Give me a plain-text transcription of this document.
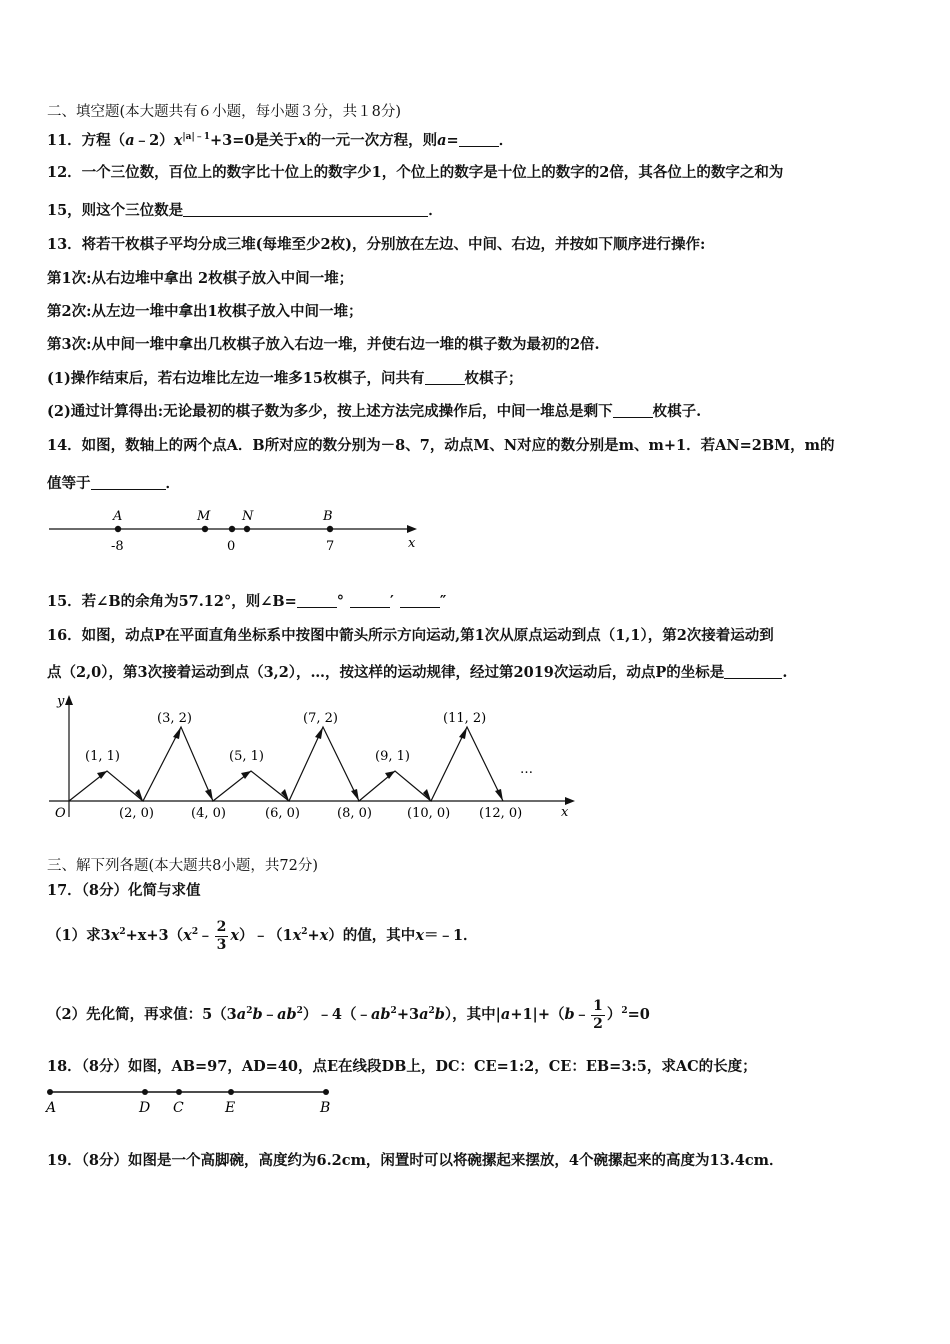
二、填空题(本大题共有６小题，每小题３分，共１8分)
11．方程$(a﹣2)x^{|a|﹣1}+3=0$是关于x的一元一次方程，则a=	．
12．一个三位数，百位上的数字比十位上的数字少1，个位上的数字是十位上的数字的2倍，其各位上的数字之和为
15，则这个三位数是	．
13．将若干枚棋子平均分成三堆(每堆至少2枚)，分别放在左边、中间、右边，并按如下顺序进行操作:
第1次:从右边堆中拿出 2枚棋子放入中间一堆；
第2次:从左边一堆中拿出1枚棋子放入中间一堆；
第3次:从中间一堆中拿出几枚棋子放入右边一堆，并使右边一堆的棋子数为最初的2倍.
(1)操作结束后，若右边堆比左边一堆多15枚棋子，问共有	枚棋子；
(2)通过计算得出:无论最初的棋子数为多少，按上述方法完成操作后，中间一堆总是剩下	枚棋子.
14．如图，数轴上的两个点A．B所对应的数分别为－8、7，动点M、N对应的数分别是m、m+1．若AN=2BM，m的
值等于	．
A	M N	B
-8	0	7	x
15．若∠B的余角为57.12°，则∠B=	°	′	″
16．如图，动点P在平面直角坐标系中按图中箭头所示方向运动,第1次从原点运动到点（1,1），第2次接着运动到
点（2,0），第3次接着运动到点（3,2），…，按这样的运动规律，经过第2019次运动后，动点P的坐标是	.
y
x
O
…
(1, 1)
(3, 2)
(5, 1)
(7, 2)
(9, 1)
(11, 2)
(2, 0)	(4, 0)	(6, 0)	(8, 0)	(10, 0) (12, 0)
三、解下列各题(本大题共8小题，共72分)
17．（8分）化简与求值
（1）求$3x^2+x+3(x^2﹣ \frac{2}{3}$ $x)﹣(1x^2+x)$的值，其中x＝﹣1．
（2）先化简，再求值：$5(3a^2b﹣ab^2)﹣4(﹣ab^2+3a^2b)$，其中|a+1|+（b﹣ $\frac{1}{2} )^2=0$
18．（8分）如图，AB=97，AD=40，点E在线段DB上，DC：CE=1:2，CE：EB=3:5，求AC的长度；
A	D C	E	B
19．（8分）如图是一个高脚碗，高度约为6.2cm，闲置时可以将碗摞起来摆放，4个碗摞起来的高度为13.4cm．
